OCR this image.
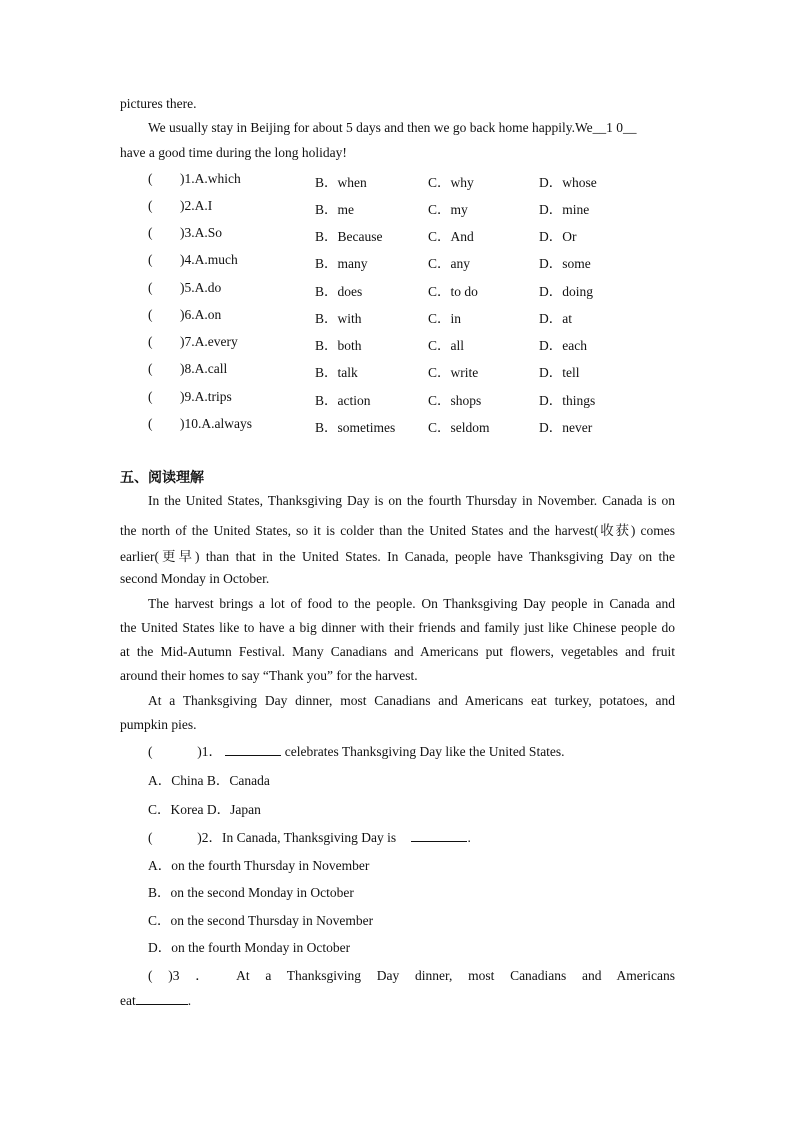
pictures there.
We usually stay in Beijing for about 5 days and then we go back home happily.We__1 0__
have a good time during the long holiday!
( )1.A.which	B．when	C．why	D．whose
( )2.A.I	B．me	C．my	D．mine
( )3.A.So	B．Because	C．And	D．Or
( )4.A.much	B．many	C．any	D．some
( )5.A.do	B．does	C．to do	D．doing
( )6.A.on	B．with	C．in	D．at
( )7.A.every	B．both	C．all	D．each
( )8.A.call	B．talk	C．write	D．tell
( )9.A.trips	B．action	C．shops	D．things
( )10.A.always	B．sometimes C．seldom	D．never
五、阅读理解
In the United States, Thanksgiving Day is on the fourth Thursday in November. Canada is on
the north of the United States, so it is colder than the United States and the harvest(收获) comes
earlier(更早) than that in the United States. In Canada, people have Thanksgiving Day on the
second Monday in October.
The harvest brings a lot of food to the people. On Thanksgiving Day people in Canada and
the United States like to have a big dinner with their friends and family just like Chinese people do
at the Mid-Autumn Festival. Many Canadians and Americans put flowers, vegetables and fruit
around their homes to say “Thank you” for the harvest.
At a Thanksgiving Day dinner, most Canadians and Americans eat turkey, potatoes, and
pumpkin pies.
(	)1．	celebrates Thanksgiving Day like the United States.
A．China B．Canada
C．Korea D．Japan
(	)2．In Canada, Thanksgiving Day is	.
A．on the fourth Thursday in November
B．on the second Monday in October
C．on the second Thursday in November
D．on the fourth Monday in October
( )3 ． At a Thanksgiving Day dinner, most Canadians and Americans
eat	.
